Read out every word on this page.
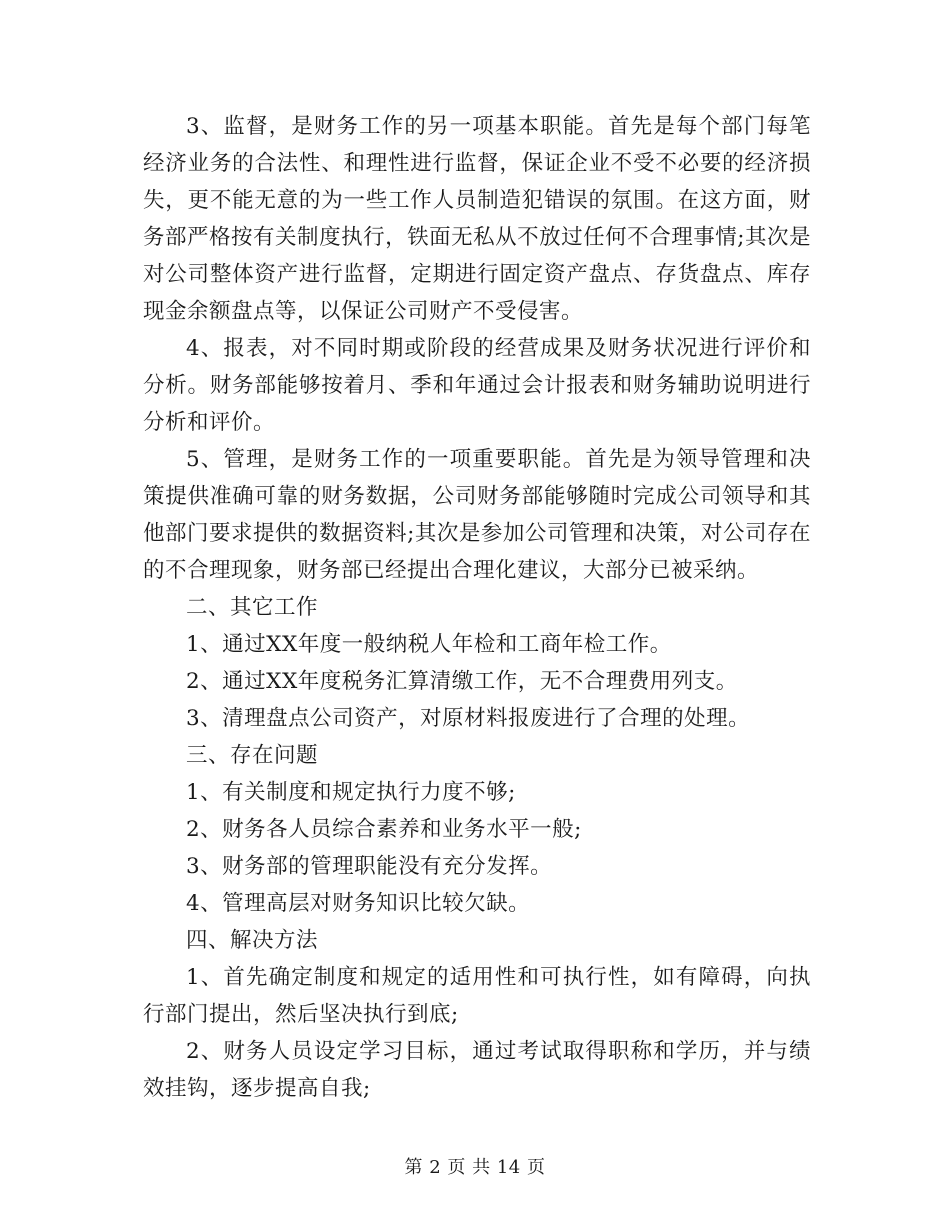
3、监督，是财务工作的另一项基本职能。首先是每个部门每笔经济业务的合法性、和理性进行监督，保证企业不受不必要的经济损失，更不能无意的为一些工作人员制造犯错误的氛围。在这方面，财务部严格按有关制度执行，铁面无私从不放过任何不合理事情;其次是对公司整体资产进行监督，定期进行固定资产盘点、存货盘点、库存现金余额盘点等，以保证公司财产不受侵害。

4、报表，对不同时期或阶段的经营成果及财务状况进行评价和分析。财务部能够按着月、季和年通过会计报表和财务辅助说明进行分析和评价。

5、管理，是财务工作的一项重要职能。首先是为领导管理和决策提供准确可靠的财务数据，公司财务部能够随时完成公司领导和其他部门要求提供的数据资料;其次是参加公司管理和决策，对公司存在的不合理现象，财务部已经提出合理化建议，大部分已被采纳。

二、其它工作

1、通过XX年度一般纳税人年检和工商年检工作。

2、通过XX年度税务汇算清缴工作，无不合理费用列支。

3、清理盘点公司资产，对原材料报废进行了合理的处理。

三、存在问题

1、有关制度和规定执行力度不够;

2、财务各人员综合素养和业务水平一般;

3、财务部的管理职能没有充分发挥。

4、管理高层对财务知识比较欠缺。

四、解决方法

1、首先确定制度和规定的适用性和可执行性，如有障碍，向执行部门提出，然后坚决执行到底;

2、财务人员设定学习目标，通过考试取得职称和学历，并与绩效挂钩，逐步提高自我;

第 2 页 共 14 页
